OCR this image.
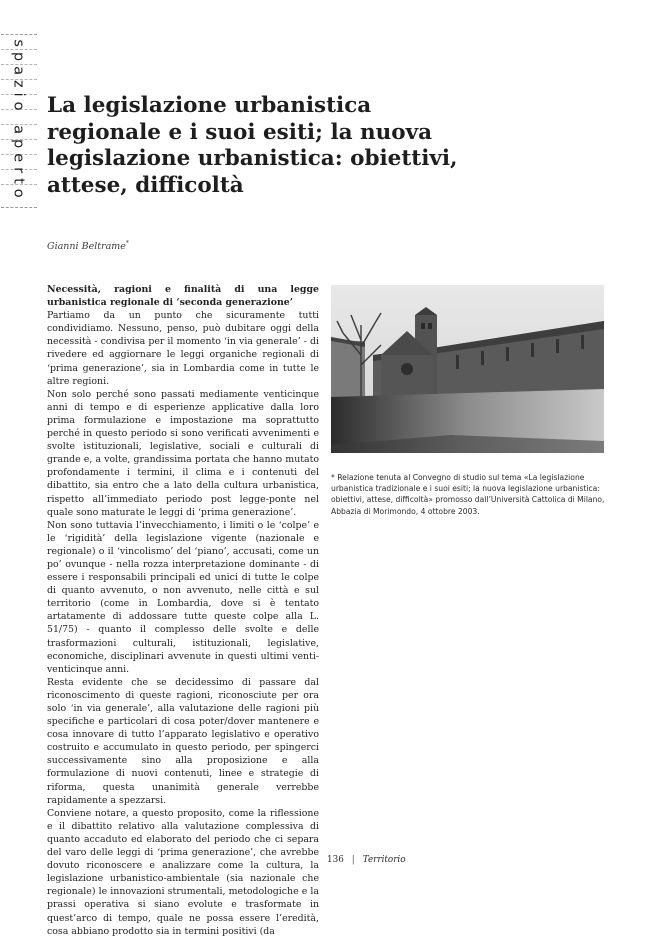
spazio aperto La legislazione urbanistica regionale e i suoi esiti; la nuova legislazione urbanistica: obiettivi, attese, difficoltà
Gianni Beltrame*

Necessità, ragioni e finalità di una legge urbanistica regionale di ‘seconda generazione’

Partiamo da un punto che sicuramente tutti condividiamo. Nessuno, penso, può dubitare oggi della necessità - condivisa per il momento ‘in via generale’ - di rivedere ed aggiornare le leggi organiche regionali di ‘prima generazione’, sia in Lombardia come in tutte le altre regioni.

Non solo perché sono passati mediamente venticinque anni di tempo e di esperienze applicative dalla loro prima formulazione e impostazione ma soprattutto perché in questo periodo si sono verificati avvenimenti e svolte istituzionali, legislative, sociali e culturali di grande e, a volte, grandissima portata che hanno mutato profondamente i termini, il clima e i contenuti del dibattito, sia entro che a lato della cultura urbanistica, rispetto all’immediato periodo post legge-ponte nel quale sono maturate le leggi di ‘prima generazione’.

Non sono tuttavia l’invecchiamento, i limiti o le ‘colpe’ e le ‘rigidità’ della legislazione vigente (nazionale e regionale) o il ‘vincolismo’ del ‘piano’, accusati, come un po’ ovunque - nella rozza interpretazione dominante - di essere i responsabili principali ed unici di tutte le colpe di quanto avvenuto, o non avvenuto, nelle città e sul territorio (come in Lombardia, dove si è tentato artatamente di addossare tutte queste colpe alla L. 51/75) - quanto il complesso delle svolte e delle trasformazioni culturali, istituzionali, legislative, economiche, disciplinari avvenute in questi ultimi venti-venticinque anni.

Resta evidente che se decidessimo di passare dal riconoscimento di queste ragioni, riconosciute per ora solo ‘in via generale’, alla valutazione delle ragioni più specifiche e particolari di cosa poter/dover mantenere e cosa innovare di tutto l’apparato legislativo e operativo costruito e accumulato in questo periodo, per spingerci successivamente sino alla proposizione e alla formulazione di nuovi contenuti, linee e strategie di riforma, questa unanimità generale verrebbe rapidamente a spezzarsi.

Conviene notare, a questo proposito, come la riflessione e il dibattito relativo alla valutazione complessiva di quanto accaduto ed elaborato del periodo che ci separa del varo delle leggi di ‘prima generazione’, che avrebbe dovuto riconoscere e analizzare come la cultura, la legislazione urbanistico-ambientale (sia nazionale che regionale) le innovazioni strumentali, metodologiche e la prassi operativa si siano evolute e trasformate in quest’arco di tempo, quale ne possa essere l’eredità, cosa abbiano prodotto sia in termini positivi (da

* Relazione tenuta al Convegno di studio sul tema «La legislazione urbanistica tradizionale e i suoi esiti; la nuova legislazione urbanistica: obiettivi, attese, difficoltà» promosso dall’Università Cattolica di Milano, Abbazia di Morimondo, 4 ottobre 2003.
136 | Territorio
